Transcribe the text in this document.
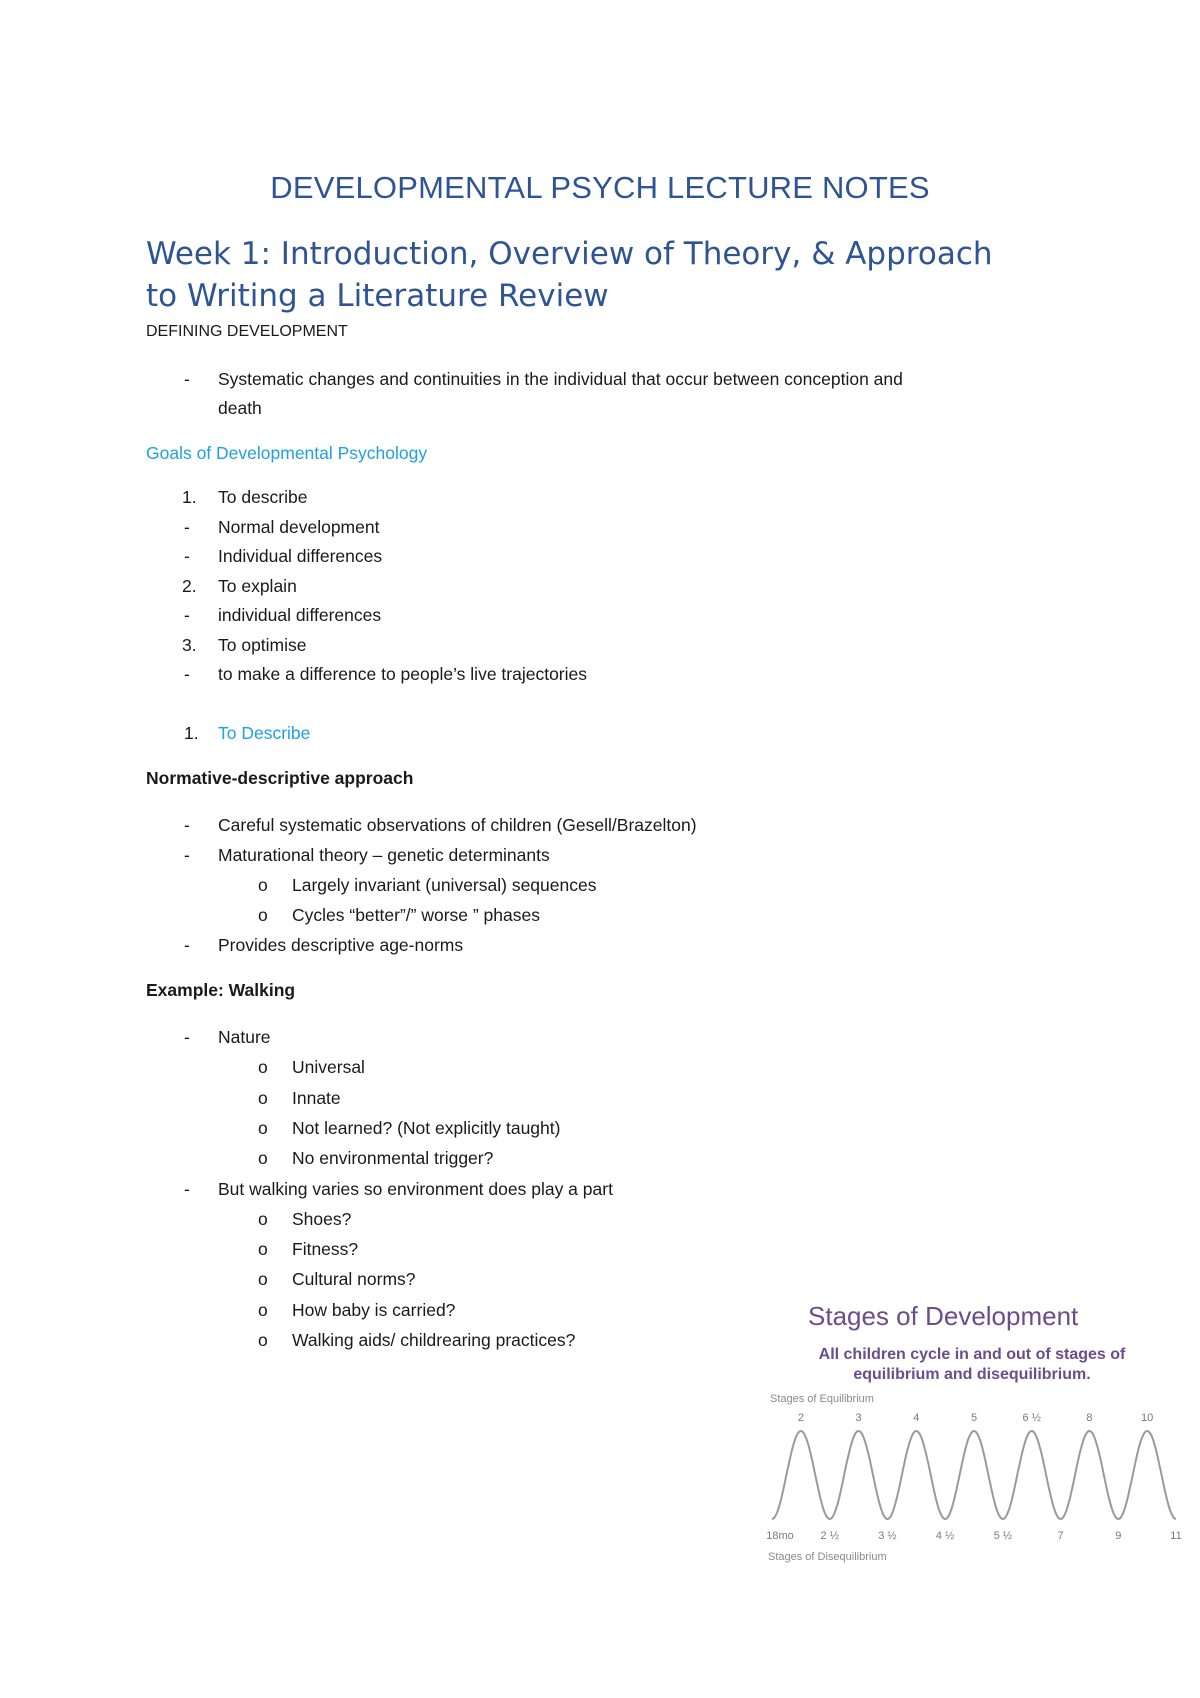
DEVELOPMENTAL PSYCH LECTURE NOTES
Week 1: Introduction, Overview of Theory, & Approach
to Writing a Literature Review
DEFINING DEVELOPMENT
-	Systematic changes and continuities in the individual that occur between conception and
death
Goals of Developmental Psychology
1.	To describe
-	Normal development
-	Individual differences
2.	To explain
-	individual differences
3.	To optimise
-	to make a difference to people’s live trajectories
1.	To Describe
Normative-descriptive approach
-	Careful systematic observations of children (Gesell/Brazelton)
-	Maturational theory – genetic determinants
o	Largely invariant (universal) sequences
o	Cycles “better”/” worse ” phases
-	Provides descriptive age-norms
Example: Walking
-	Nature
o	Universal
o	Innate
o	Not learned? (Not explicitly taught)
o	No environmental trigger?
-	But walking varies so environment does play a part
o	Shoes?
o	Fitness?
o	Cultural norms?
o	How baby is carried?
o	Walking aids/ childrearing practices?
2	3	4	5	6 ½	8	10
18mo 2 ½	3 ½	4 ½	5 ½	7	9	11
Stages of Development
All children cycle in and out of stages of
equilibrium and disequilibrium.
Stages of Equilibrium
Stages of Disequilibrium
